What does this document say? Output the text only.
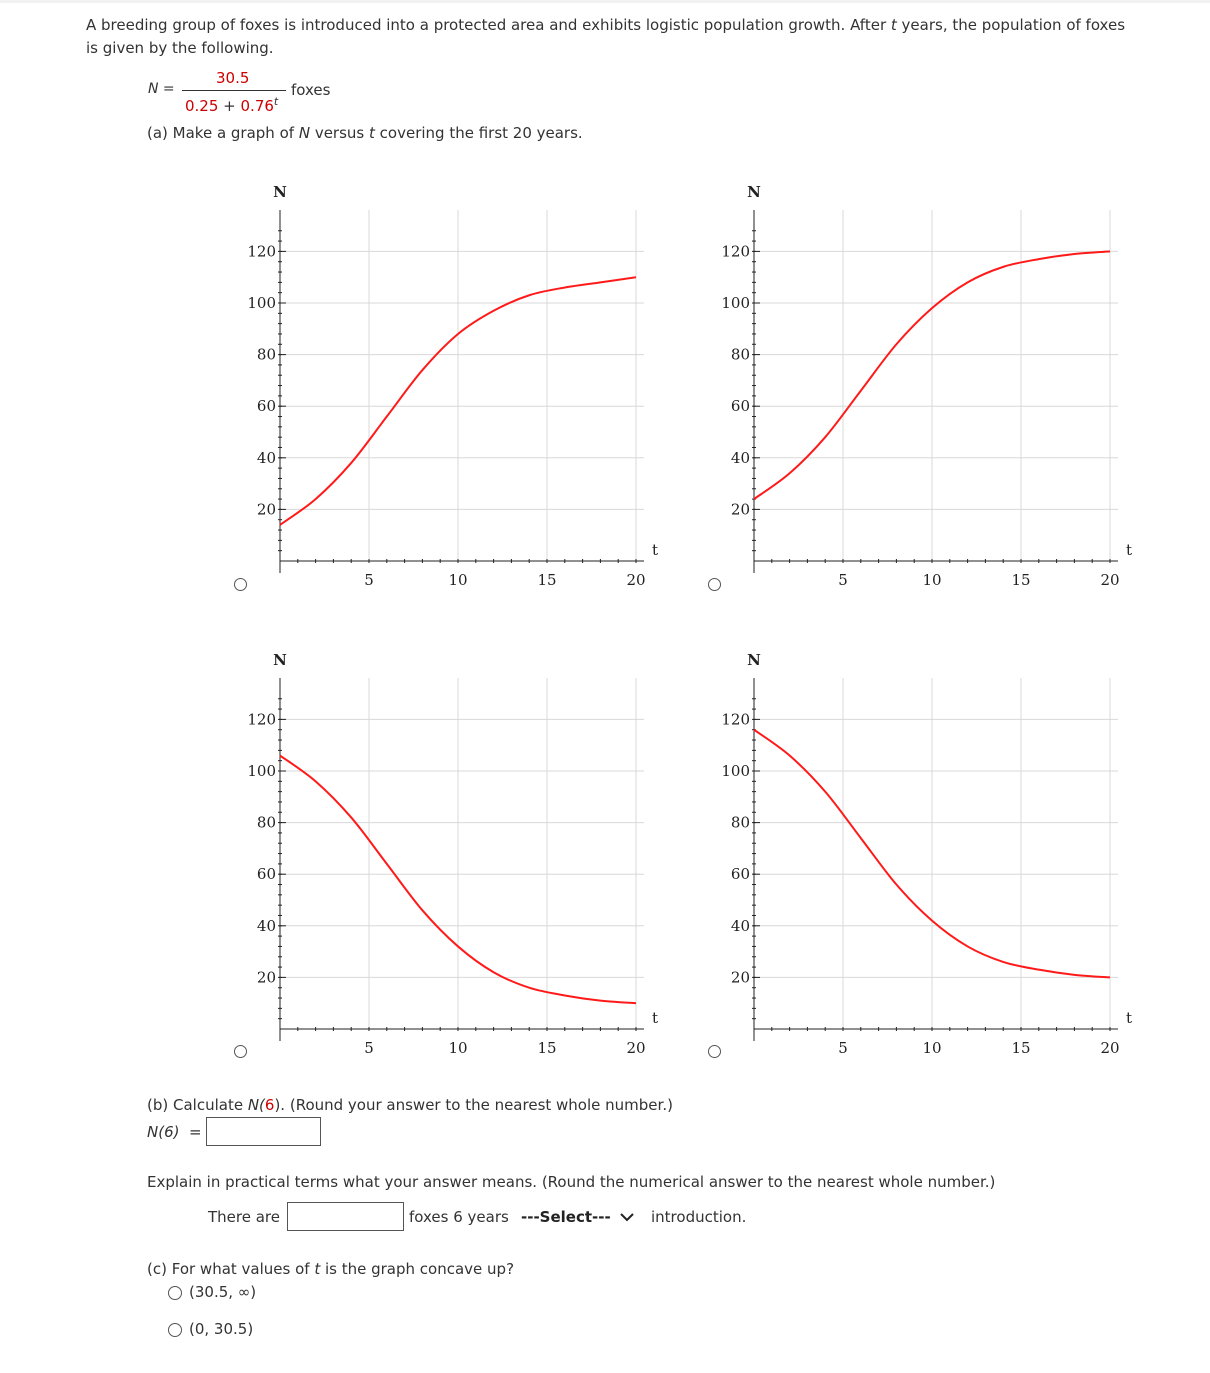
A breeding group of foxes is introduced into a protected area and exhibits logistic population growth. After t years, the population of foxes
is given by the following.
N =
30.5
$0.25 + 0.76^t$
foxes
(a) Make a graph of N versus t covering the first 20 years.
120
100
80
60
40
20
5	10	15	20
N
t
120
100
80
60
40
20
5	10	15	20
N
t
120
100
80
60
40
20
5	10	15	20
N
t
120
100
80
60
40
20
5	10	15	20
N
t
(b) Calculate N(6). (Round your answer to the nearest whole number.)
N(6) =
Explain in practical terms what your answer means. (Round the numerical answer to the nearest whole number.)
There are	foxes 6 years ---Select---	introduction.
(c) For what values of t is the graph concave up?
(30.5, ∞)
(0, 30.5)
